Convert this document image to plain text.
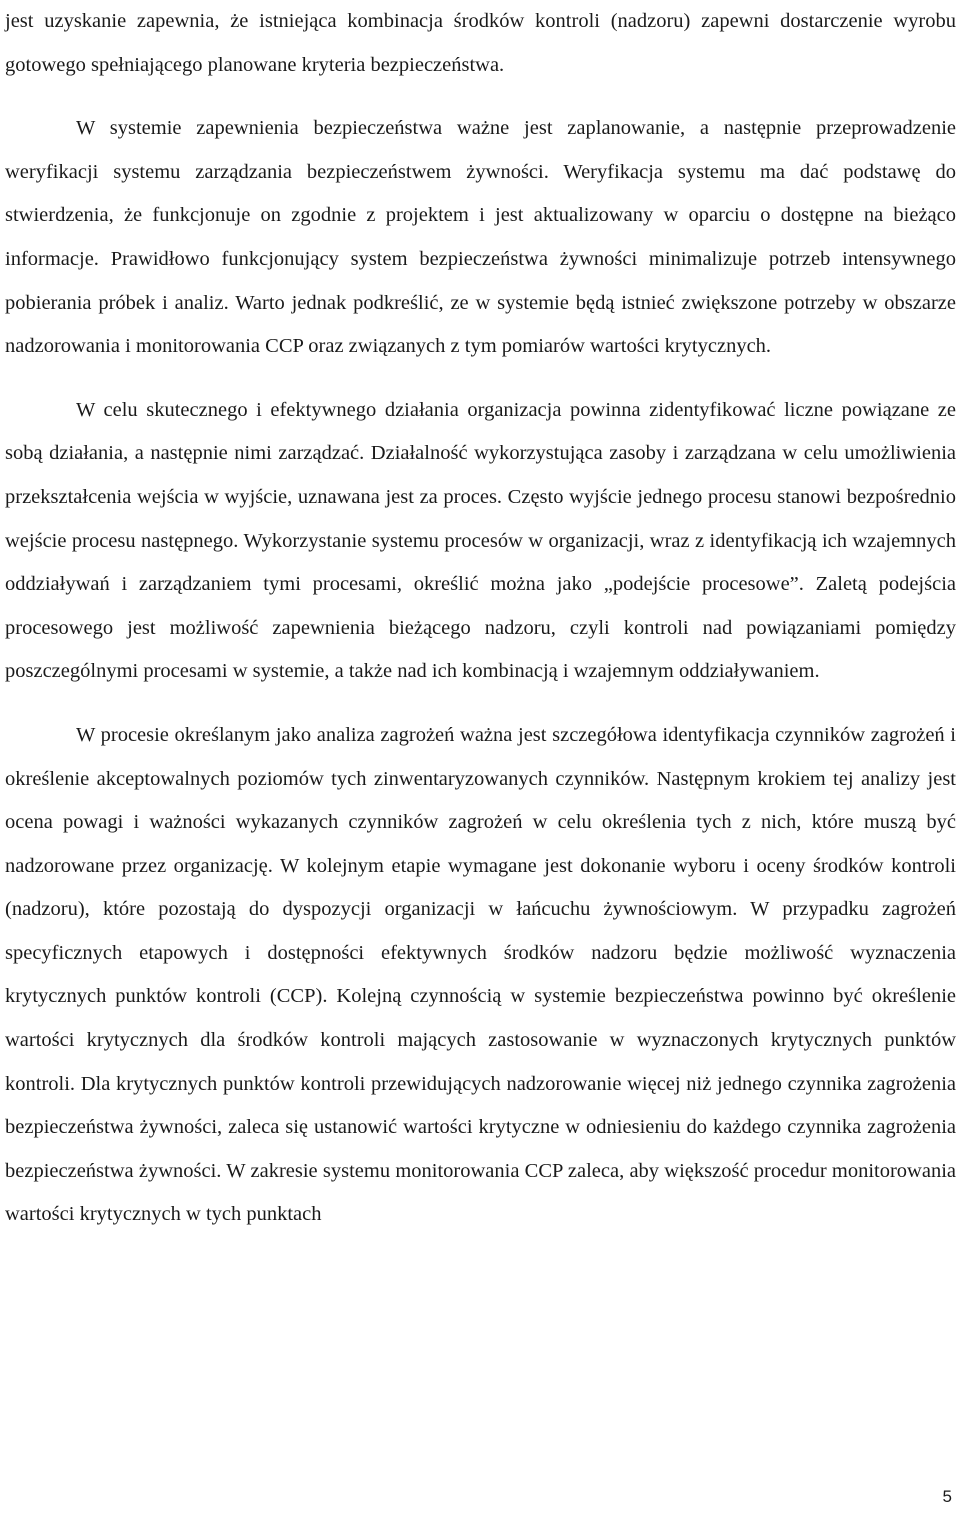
jest uzyskanie zapewnia, że istniejąca kombinacja środków kontroli (nadzoru) zapewni dostarczenie wyrobu gotowego spełniającego planowane kryteria bezpieczeństwa.

W systemie zapewnienia bezpieczeństwa ważne jest zaplanowanie, a następnie przeprowadzenie weryfikacji systemu zarządzania bezpieczeństwem żywności. Weryfikacja systemu ma dać podstawę do stwierdzenia, że funkcjonuje on zgodnie z projektem i jest aktualizowany w oparciu o dostępne na bieżąco informacje. Prawidłowo funkcjonujący system bezpieczeństwa żywności minimalizuje potrzeb intensywnego pobierania próbek i analiz. Warto jednak podkreślić, ze w systemie będą istnieć zwiększone potrzeby w obszarze nadzorowania i monitorowania CCP oraz związanych z tym pomiarów wartości krytycznych.

W celu skutecznego i efektywnego działania organizacja powinna zidentyfikować liczne powiązane ze sobą działania, a następnie nimi zarządzać. Działalność wykorzystująca zasoby i zarządzana w celu umożliwienia przekształcenia wejścia w wyjście, uznawana jest za proces. Często wyjście jednego procesu stanowi bezpośrednio wejście procesu następnego. Wykorzystanie systemu procesów w organizacji, wraz z identyfikacją ich wzajemnych oddziaływań i zarządzaniem tymi procesami, określić można jako „podejście procesowe”. Zaletą podejścia procesowego jest możliwość zapewnienia bieżącego nadzoru, czyli kontroli nad powiązaniami pomiędzy poszczególnymi procesami w systemie, a także nad ich kombinacją i wzajemnym oddziaływaniem.

W procesie określanym jako analiza zagrożeń ważna jest szczegółowa identyfikacja czynników zagrożeń i określenie akceptowalnych poziomów tych zinwentaryzowanych czynników. Następnym krokiem tej analizy jest ocena powagi i ważności wykazanych czynników zagrożeń w celu określenia tych z nich, które muszą być nadzorowane przez organizację. W kolejnym etapie wymagane jest dokonanie wyboru i oceny środków kontroli (nadzoru), które pozostają do dyspozycji organizacji w łańcuchu żywnościowym. W przypadku zagrożeń specyficznych etapowych i dostępności efektywnych środków nadzoru będzie możliwość wyznaczenia krytycznych punktów kontroli (CCP). Kolejną czynnością w systemie bezpieczeństwa powinno być określenie wartości krytycznych dla środków kontroli mających zastosowanie w wyznaczonych krytycznych punktów kontroli. Dla krytycznych punktów kontroli przewidujących nadzorowanie więcej niż jednego czynnika zagrożenia bezpieczeństwa żywności, zaleca się ustanowić wartości krytyczne w odniesieniu do każdego czynnika zagrożenia bezpieczeństwa żywności. W zakresie systemu monitorowania CCP zaleca, aby większość procedur monitorowania wartości krytycznych w tych punktach

5
